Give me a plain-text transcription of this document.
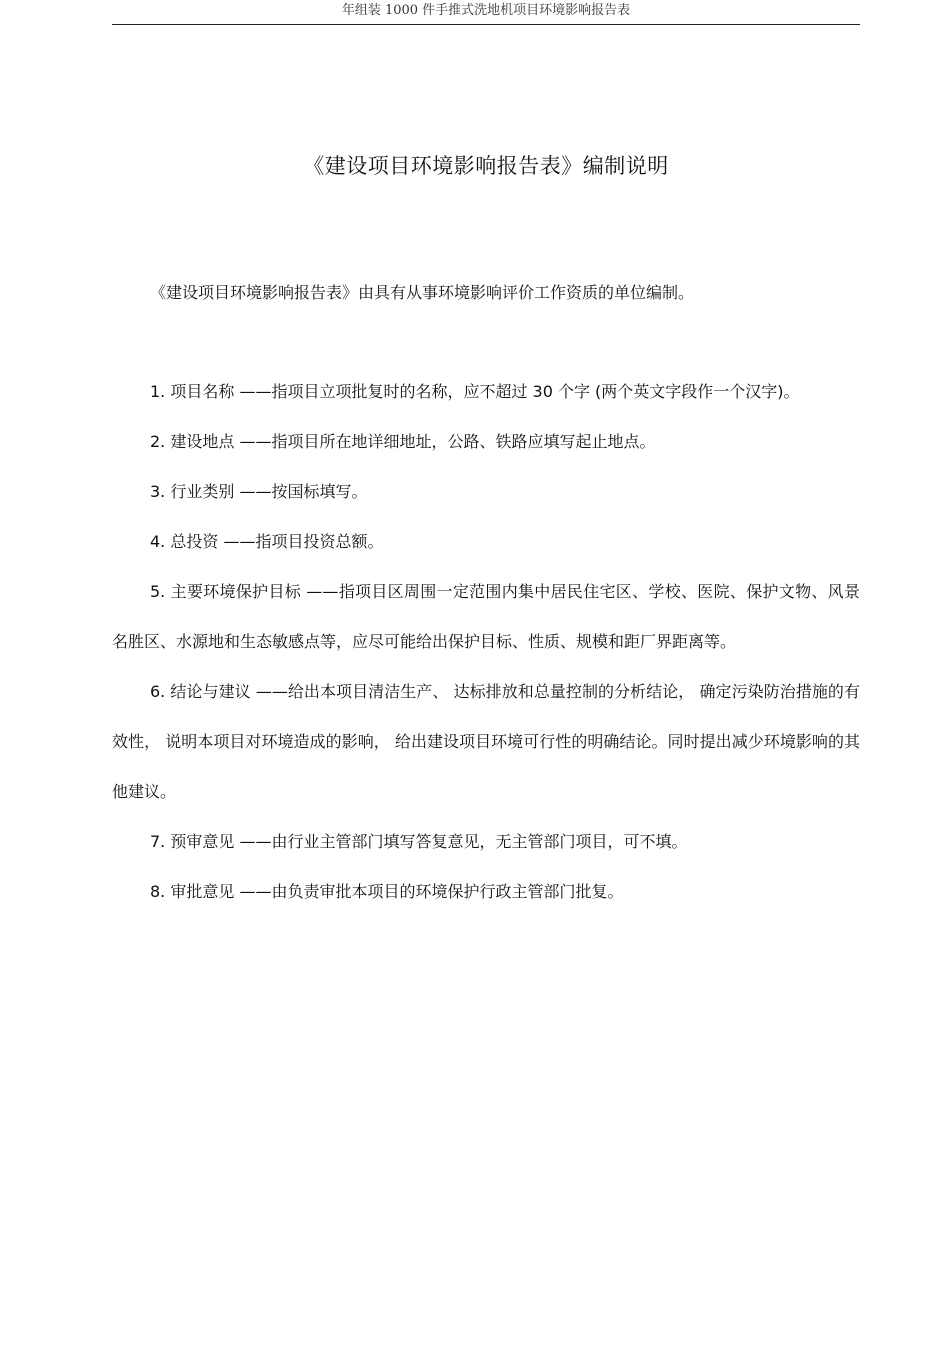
年组装 1000 件手推式洗地机项目环境影响报告表
《建设项目环境影响报告表》编制说明

《建设项目环境影响报告表》由具有从事环境影响评价工作资质的单位编制。

1. 项目名称 ——指项目立项批复时的名称，应不超过 30 个字 (两个英文字段作一个汉字)。

2. 建设地点 ——指项目所在地详细地址，公路、铁路应填写起止地点。

3. 行业类别 ——按国标填写。

4. 总投资 ——指项目投资总额。

5. 主要环境保护目标 ——指项目区周围一定范围内集中居民住宅区、学校、医院、保护文物、风景名胜区、水源地和生态敏感点等，应尽可能给出保护目标、性质、规模和距厂界距离等。

6. 结论与建议 ——给出本项目清洁生产、 达标排放和总量控制的分析结论， 确定污染防治措施的有效性， 说明本项目对环境造成的影响， 给出建设项目环境可行性的明确结论。同时提出减少环境影响的其他建议。

7. 预审意见 ——由行业主管部门填写答复意见，无主管部门项目，可不填。

8. 审批意见 ——由负责审批本项目的环境保护行政主管部门批复。
